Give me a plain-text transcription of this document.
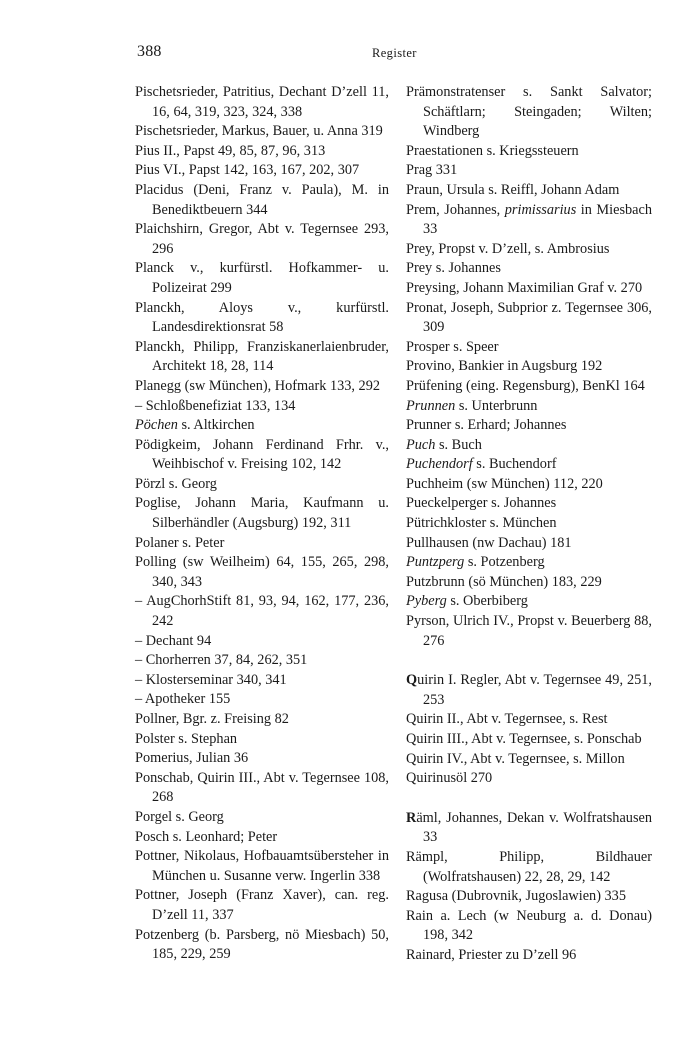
388	Register
Pischetsrieder, Patritius, Dechant D’zell 11, 16, 64, 319, 323, 324, 338
Pischetsrieder, Markus, Bauer, u. Anna 319
Pius II., Papst 49, 85, 87, 96, 313
Pius VI., Papst 142, 163, 167, 202, 307
Placidus (Deni, Franz v. Paula), M. in Benediktbeuern 344
Plaichshirn, Gregor, Abt v. Tegernsee 293, 296
Planck v., kurfürstl. Hofkammer- u. Polizeirat 299
Planckh, Aloys v., kurfürstl. Landesdirektionsrat 58
Planckh, Philipp, Franziskanerlaienbruder, Architekt 18, 28, 114
Planegg (sw München), Hofmark 133, 292
– Schloßbenefiziat 133, 134
Pöchen s. Altkirchen
Pödigkeim, Johann Ferdinand Frhr. v., Weihbischof v. Freising 102, 142
Pörzl s. Georg
Poglise, Johann Maria, Kaufmann u. Silberhändler (Augsburg) 192, 311
Polaner s. Peter
Polling (sw Weilheim) 64, 155, 265, 298, 340, 343
– AugChorhStift 81, 93, 94, 162, 177, 236, 242
– Dechant 94
– Chorherren 37, 84, 262, 351
– Klosterseminar 340, 341
– Apotheker 155
Pollner, Bgr. z. Freising 82
Polster s. Stephan
Pomerius, Julian 36
Ponschab, Quirin III., Abt v. Tegernsee 108, 268
Porgel s. Georg
Posch s. Leonhard; Peter
Pottner, Nikolaus, Hofbauamtsüberstеher in München u. Susanne verw. Ingerlin 338
Pottner, Joseph (Franz Xaver), can. reg. D’zell 11, 337
Potzenberg (b. Parsberg, nö Miesbach) 50, 185, 229, 259
Prämonstratenser s. Sankt Salvator; Schäftlarn; Steingaden; Wilten; Windberg
Praestationen s. Kriegssteuern
Prag 331
Praun, Ursula s. Reiffl, Johann Adam
Prem, Johannes, primissarius in Miesbach 33
Prey, Propst v. D’zell, s. Ambrosius
Prey s. Johannes
Preysing, Johann Maximilian Graf v. 270
Pronat, Joseph, Subprior z. Tegernsee 306, 309
Prosper s. Speer
Provino, Bankier in Augsburg 192
Prüfening (eing. Regensburg), BenKl 164
Prunnen s. Unterbrunn
Prunner s. Erhard; Johannes
Puch s. Buch
Puchendorf s. Buchendorf
Puchheim (sw München) 112, 220
Pueckelperger s. Johannes
Pütrichkloster s. München
Pullhausen (nw Dachau) 181
Puntzperg s. Potzenberg
Putzbrunn (sö München) 183, 229
Pyberg s. Oberbiberg
Pyrson, Ulrich IV., Propst v. Beuerberg 88, 276
Quirin I. Regler, Abt v. Tegernsee 49, 251, 253
Quirin II., Abt v. Tegernsee, s. Rest
Quirin III., Abt v. Tegernsee, s. Ponschab
Quirin IV., Abt v. Tegernsee, s. Millon
Quirinusöl 270
Räml, Johannes, Dekan v. Wolfratshausen 33
Rämpl, Philipp, Bildhauer (Wolfratshausen) 22, 28, 29, 142
Ragusa (Dubrovnik, Jugoslawien) 335
Rain a. Lech (w Neuburg a. d. Donau) 198, 342
Rainard, Priester zu D’zell 96
